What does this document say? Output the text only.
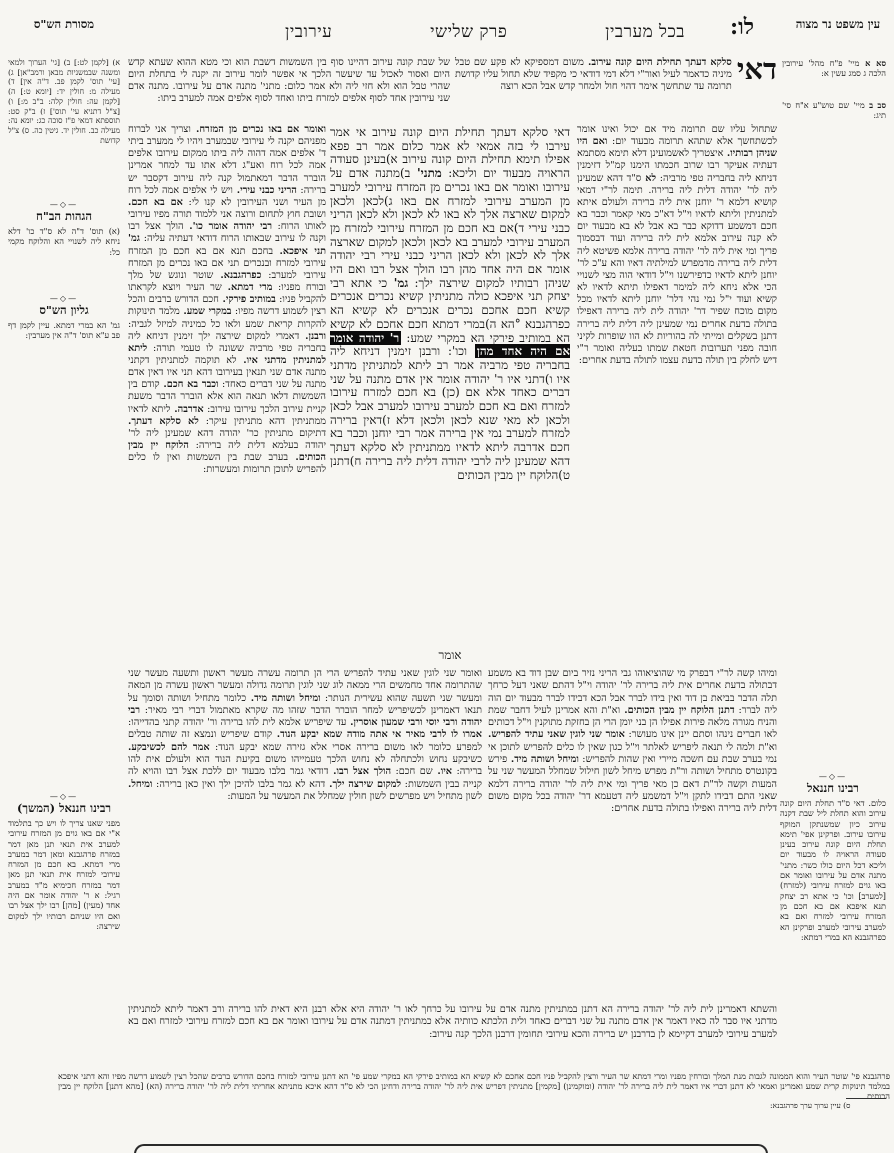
עין משפט נר מצוה
לו:
בכל מערבין
פרק שלישי
עירובין
מסורת הש"ס
א) [לקמן לט:] ב) [גי' הערוך ולמאי ומשנה שבמשניות מבאן ורמב"אן] ג) [עי' תוס' לקמן פב. ד"ה אין] ד) מעילה מ: חולין יד: [יומא ט:] ה) [לקמן עה: חולין קלה: ב"ב מ:] ו) [צ"ל דתניא עי' תוס'] ז) ב"ק סט: תוספתא דמאי פ"ז סוכה כג: יומא נה: מעילה כב. חולין יד. גיטין כה. ס) צ"ל קדושת
—◇—
הגהות הב"ח
(א) תוס' ד"ה לא ס"ד כו' דלא ניחא ליה לשנויי הא והלוקח מקמי כל:
—◇—
גליון הש"ס
גמ' הא במרי דמתא. עיין לקמן דף פב ע"א תוס' ד"ה אין מערבין:
—◇—
רבינו חננאל (המשך)
מפני שאנו צריך לו ויש כך בתלמוד א"י אם באו גוים מן המזרח עירובי למערב אית תנאי תנן מאן דמר במזרח פרהגבנא ומאן דמר במערב מרי דמתא. בא חכם מן המזרח עירובי למזרח אית תנאי תנן מאן דמר במזרח חכימיא מ"ד במערב רגיל: א ר' יהודה אומר אם היה אחד (מעין) [מהן] רבו ילך אצל רבו ואם היו שניהם רבותיו ילך למקום שירצה:
סא א מיי' פ"ח מהל' עירובין הלכה ג סמג עשין א:
סב ב מיי' שם טוש"ע א"ח סי' תיג:
—◇—
רבינו חננאל
כלום. דאי ס"ד תחלת היום קונה עירוב והוא תחלת ליל שבת דקנה עירוב כיון שמשנתקן המוקף עירובו עירוב. ופרקינן אפי' תימא תחלת היום קונה עירוב בעינן סעודה הראויה לו מבעוד יום וליכא דכל היום כולו כשר: מתני' מתנה אדם על עירובו ואומר אם באו גוים למזרח עירובי (למזרח) [למערב] וכו' כי אתא רב יצחק תנא איפכא אם בא חכם מן המזרח עירובי למזרח ואם בא למערב עירובי למערב ופרקינן הא כפרהגבנא הא במרי דמתא:
של שבת קונה עירוב דהיינו סוף בין השמשות דשבת הוא וכי מטא ההוא שעתא קדש היום ואסור לאכול עד שיעשר הלכך אי אפשר לומר עירוב זה יקנה לי בתחלת היום שהרי טבל הוא ולא חזי ליה ולא אמר כלום: מתני' מתנה אדם על עירובו. מתנה אדם שני עירובין אחד לסוף אלפים למזרח ביתו ואחד לסוף אלפים אמה למערב ביתו:
דאי
סלקא דעתך תחילת היום קונה עירוב. משום דמספיקא לא פקע שם טבל מיניה כדאמר לעיל ואור"י דלא דמי דודאי כי מקפיד שלא תחול עליו קדושת תרומה עד שתחשך אימר דהוי חול ולמחר קדש אבל הכא רוצה
ואומר אם באו נכרים מן המזרח. וצריך אני לברוח מפניהם יקנה לי עירובי שבמערב ויהיו לי ממערב ביתי ד' אלפים אמה דהוה ליה ביתו ממקום עירובו אלפים אמה לכל רוח ואע"ג דלא אתו עד למחר אמרינן הוברר הדבר דמאתמול קנה ליה עירוב דקסבר יש ברירה: הריני כבני עירי. ויש לי אלפים אמה לכל רוח מן העיר ושני העירובין לא קנו לי: אם בא חכם. ושובת חוץ לתחום ורוצה אני ללמוד תורה מפיו עירובי לאותו הרוח: רבי יהודה אומר כו'. הולך אצל רבו וקנה לו עירוב שבאותו הרוח דודאי דעתיה עליה: גמ' תני איפכא. בחכם תנא אם בא חכם מן המזרח עירובי למזרח ובנכרים תני אם באו נכרים מן המזרח עירובי למערב: כפרהגבנא. שוטר ונוגש של מלך ובורח מפניו: מרי דמתא. שר העיר ויוצא לקראתו להקביל פניו: במותיב פירקי. חכם הדורש ברבים והכל רצין לשמוע דרשה מפיו: במקרי שמע. מלמד תינוקות להקרות קריאת שמע ולאו כל כמיניה למיזל לגביה: ורבנן. דאמרי למקום שירצה ילך זימנין דניחא ליה בחבריה טפי מרביה ששונה לו טעמי תורה: ליתא למתניתין מדתני איו. לא תוקמה למתניתין דקתני מתנה אדם שני תנאין בעירובו דהא תני איו דאין אדם מתנה על שני דברים כאחד: וכבר בא חכם. קודם בין השמשות דלאו תנאה הוא אלא הוברר הדבר משעת קניית עירוב הלכך עירובו עירוב: אדרבה. ליתא לדאיו ממתניתין דהא מתניתין עיקר: לא סלקא דעתך. דתיקום מתניתין כר' יהודה דהא שמעינן ליה לר' יהודה בעלמא דלית ליה ברירה: הלוקח יין מבין הכותים. בערב שבת בין השמשות ואין לו כלים להפריש לתוכן תרומות ומעשרות:
דאי סלקא דעתך תחילת היום קונה עירוב אי אמר עירבו לי בזה אמאי לא אמר כלום אמר רב פפא אפילו תימא תחילת היום קונה עירוב א)בעינן סעודה הראויה מבעוד יום וליכא: מתני' ב)מתנה אדם על עירובו ואומר אם באו נכרים מן המזרח עירובי למערב מן המערב עירובי למזרח אם באו ג)לכאן ולכאן למקום שארצה אלך לא באו לא לכאן ולא לכאן הריני כבני עירי ד)אם בא חכם מן המזרח עירובי למזרח מן המערב עירובי למערב בא לכאן ולכאן למקום שארצה אלך לא לכאן ולא לכאן הריני כבני עירי רבי יהודה אומר אם היה אחד מהן רבו הולך אצל רבו ואם היו שניהן רבותיו למקום שירצה ילך: גמ' כי אתא רבי יצחק תני איפכא כולה מתניתין קשיא נכרים אנכרים קשיא חכם אחכם נכרים אנכרים לא קשיא הא כפרהגבנא °הא ה)במרי דמתא חכם אחכם לא קשיא הא במותיב פירקי הא במקרי שמע: ר' יהודה אומר אם היה אחד מהן וכו': ורבנן זימנין דניחא ליה בחבריה טפי מרביה אמר רב ליתא למתניתין מדתני איו ו)דתני איו ר' יהודה אומר אין אדם מתנה על שני דברים כאחד אלא אם (כן) בא חכם למזרח עירובו למזרח ואם בא חכם למערב עירובו למערב אבל לכאן ולכאן לא מאי שנא לכאן ולכאן דלא ז)דאין ברירה למזרח למערב נמי אין ברירה אמר רבי יוחנן וכבר בא חכם אדרבה ליתא לדאיו ממתניתין לא סלקא דעתך דהא שמעינן ליה לרבי יהודה דלית ליה ברירה ח)דתנן ט)הלוקח יין מבין הכותים
אומר
שתחול עליו שם תרומה מיד אם יכול ואינו אומר לכשתחשך אלא שתהא תרומה מבעוד יום: ואם היו שניהן רבותיו. איצטריך לאשמועינן דלא תימא מסתמא דעתיה אעיקר רבו שרוב חכמתו הימנו קמ"ל דזימנין דניחא ליה בחבריה טפי מרביה: לא ס"ד דהא שמעינן ליה לר' יהודה דלית ליה ברירה. תימה לר"י דמאי קושיא דלמא ר' יוחנן אית ליה ברירה ולעולם איתא למתניתין וליתא לדאיו וי"ל דא"כ מאי קאמר וכבר בא חכם דמשמע דדוקא כבר בא אבל לא בא מבעוד יום לא קנה עירוב אלמא לית ליה ברירה ועוד דבסמוך פריך ומי אית ליה לר' יהודה ברירה אלמא פשיטא ליה דלית ליה ברירה מדמפרש למילתיה דאיו והא ע"כ לר' יוחנן ליתא לדאיו כדפירשנו וי"ל דודאי הוה מצי לשנויי הכי אלא ניחא ליה למימר דאפילו תיתא לדאיו לא קשיא ועוד י"ל נמי נהי דלר' יוחנן ליתא לדאיו מכל מקום מוכח שפיר דר' יהודה לית ליה ברירה דאפילו בתולה בדעת אחרים נמי שמעינן ליה דלית ליה ברירה דתנן בשקלים ומייתי לה בהוריות לא הוו שופרות לקיני חובה מפני תערובות חטאת שמתו בעליה ואומר ר"י דיש לחלק בין תולה בדעת עצמו לתולה בדעת אחרים:
ואומר שני לוגין שאני עתיד להפריש הרי הן תרומה עשרה מעשר ראשון ותשעה מעשר שני שהתרומה אחד מחמשים הרי ממאה לוג שני לוגין תרומה גדולה ומעשר ראשון עשרה מן המאה ומעשר שני תשעה שהוא עשירית הנותר: ומיחל ושותה מיד. כלומר מתחיל ושותה וסומך על תנאו דאמרינן לכשיפריש למחר הוברר הדבר שזהו מה שקרא מאתמול דברי רבי מאיר: רבי יהודה ורבי יוסי ורבי שמעון אוסרין. עד שיפריש אלמא לית להו ברירה ור' יהודה קתני בהדייהו: אמרו לו לרבי מאיר אי אתה מודה שמא יבקע הנוד. קודם שיפריש ונמצא זה שותה טבלים למפרע כלומר לאו משום ברירה אסרי אלא גזירה שמא יבקע הנוד: אמר להם לכשיבקע. כשיבקע נחוש ולכתחלה לא נחוש הלכך טעמייהו משום בקיעת הנוד הוא ולעולם אית להו ברירה: איו. שם חכם: הולך אצל רבו. דודאי גמר בלבו מבעוד יום ללכת אצל רבו והויא לה קנייה בבין השמשות: למקום שירצה ילך. דהא לא גמר בלבו להיכן ילך ואין כאן ברירה: ומיחל. לשון מתחיל ויש מפרשים לשון חולין שמחלל את המעשר על המעות:
ומיהו קשה לר"י דבפרק מי שהוציאוהו גבי הריני נזיר ביום שבן דוד בא משמע דבתולה בדעת אחרים אית ליה ברירה לר' יהודה וי"ל דהתם שאני דעל כרחך תלה הדבר בביאת בן דוד ואין בידו לברר אבל הכא דבידו לברר מבעוד יום הוה ליה לברר: דתנן הלוקח יין מבין הכותים. וא"ת והא אמרינן לעיל דחבר שמת והניח מגורה מלאה פירות אפילו הן בני יומן הרי הן בחזקת מתוקנין וי"ל דכותים לאו חברים נינהו וסתם יינן אינו מעושר: אומר שני לוגין שאני עתיד להפריש. וא"ת ולמה לי תנאה ליפריש לאלתר וי"ל כגון שאין לו כלים להפריש לתוכן אי נמי בערב שבת עם חשכה מיירי ואין שהות להפריש: ומיחל ושותה מיד. פירש בקונטרס מתחיל ושותה ור"ת מפרש מיחל לשון חילול שמחלל המעשר שני על המעות וקשה לר"ת דאם כן מאי פריך ומי אית ליה לר' יהודה ברירה דלמא שאני התם דבידו לתקן וי"ל דמשמע ליה דטעמא דר' יהודה בכל מקום משום דלית ליה ברירה ואפילו בתולה בדעת אחרים:
והשתא דאמרינן לית ליה לר' יהודה ברירה הא דתנן במתניתין מתנה אדם על עירובו על כרחך לאו ר' יהודה היא אלא רבנן היא דאית להו ברירה ורב דאמר ליתא למתניתין מדתני איו סבר לה כאיו דאמר אין אדם מתנה על שני דברים כאחד ולית הלכתא כוותיה אלא כמתניתין דמתנה אדם על עירובו ואומר אם בא חכם למזרח עירובי למזרח ואם בא למערב עירובי למערב דקיימא לן בדרבנן יש ברירה והכא עירובי תחומין דרבנן הלכך קנה עירוב:
פרהגבנא פי' שוטר העיר והוא הממונה לגבות מנת המלך ובורחין מפניו ומרי דמתא שר העיר ורצין להקביל פניו חכם אחכם לא קשיא הא במותיב פירקי הא במקרי שמע פי' הא דתנן עירובי למזרח בחכם הדורש ברבים שהכל רצין לשמוע דרשה מפיו והא דתני איפכא במלמד תינוקות קרית שמע ואמרינן ואמאי לא דתנן דברי איו דאמר לית ליה ברירה לר' יהודה (ומוקמינן) [מקמין] מתניתין דפריש אית ליה לר' יהודה ברירה ודחינן הכי לא ס"ד דהא איכא מתניתא אחריתי דלית ליה לר' יהודה ברירה (הא) [מהא דתנן] הלוקח יין מבין הכותים
ס) עיין ערוך ערך פרהגבנא:
